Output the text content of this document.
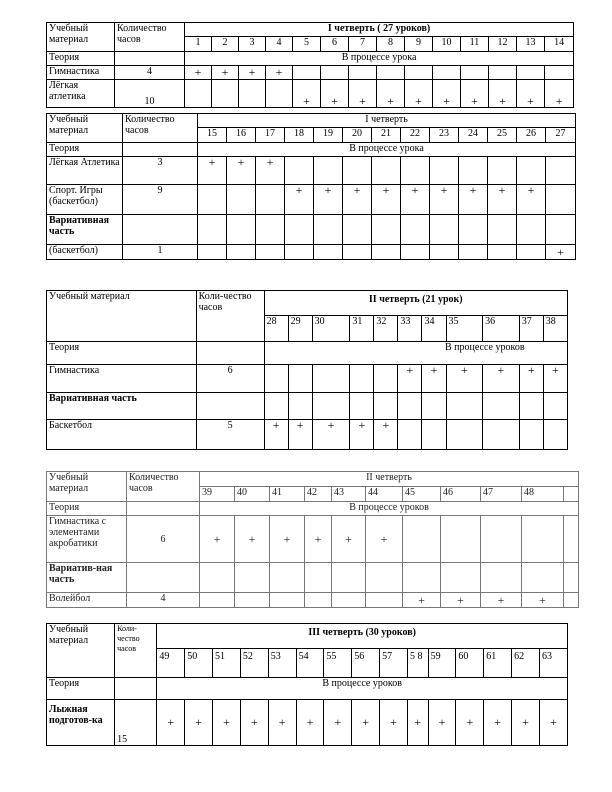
Учебный материал	Количество часов	I четверть ( 27 уроков)													
		1	2	3	4	5	6	7	8	9	10	11	12	13	14
Теория		В процессе урока													
Гимнастика	4	+	+	+	+										
Лёгкая атлетика	10					+	+	+	+	+	+	+	+	+	+
Учебный материал	Количество часов	I четверть												
		15	16	17	18	19	20	21	22	23	24	25	26	27
Теория		В процессе урока												
Лёгкая Атлетика	3	+	+	+										
Спорт. Игры (баскетбол)	9				+	+	+	+	+	+	+	+	+	
Вариативная часть														
(баскетбол)	1													+
Учебный материал	Коли-чество часов	II четверть (21 урок)										
		28	29	30	31	32	33	34	35	36	37	38
Теория		В процессе уроков										
Гимнастика	6						+	+	+	+	+	+
Вариативная часть												
Баскетбол	5	+	+	+	+	+						
Учебный материал	Количество часов	II четверть										
		39	40	41	42	43	44	45	46	47	48	
Теория		В процессе уроков										
Гимнастика с элементами акробатики	6	+	+	+	+	+	+					
Вариатив-ная часть												
Волейбол	4							+	+	+	+	
Учебный материал	Коли-чество часов	III четверть (30 уроков)														
		49	50	51	52	53	54	55	56	57	5 8	59	60	61	62	63
Теория		В процессе уроков														
Лыжная подготов-ка	15	+	+	+	+	+	+	+	+	+	+	+	+	+	+	+
